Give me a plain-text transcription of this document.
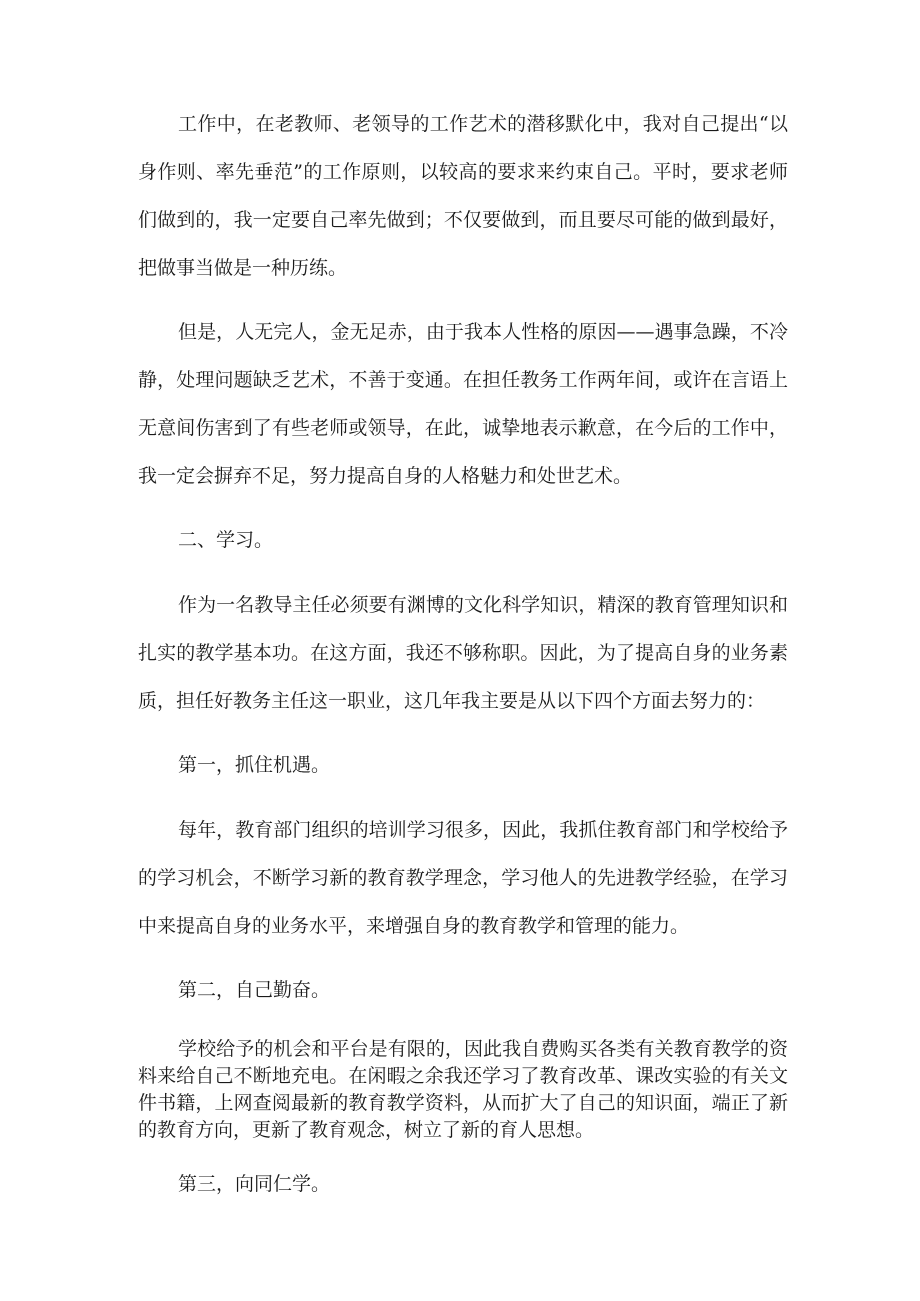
工作中，在老教师、老领导的工作艺术的潜移默化中，我对自己提出“以身作则、率先垂范”的工作原则，以较高的要求来约束自己。平时，要求老师们做到的，我一定要自己率先做到；不仅要做到，而且要尽可能的做到最好，把做事当做是一种历练。

但是，人无完人，金无足赤，由于我本人性格的原因——遇事急躁，不冷静，处理问题缺乏艺术，不善于变通。在担任教务工作两年间，或许在言语上无意间伤害到了有些老师或领导，在此，诚挚地表示歉意，在今后的工作中，我一定会摒弃不足，努力提高自身的人格魅力和处世艺术。

二、学习。

作为一名教导主任必须要有渊博的文化科学知识，精深的教育管理知识和扎实的教学基本功。在这方面，我还不够称职。因此，为了提高自身的业务素质，担任好教务主任这一职业，这几年我主要是从以下四个方面去努力的：

第一，抓住机遇。

每年，教育部门组织的培训学习很多，因此，我抓住教育部门和学校给予的学习机会，不断学习新的教育教学理念，学习他人的先进教学经验，在学习中来提高自身的业务水平，来增强自身的教育教学和管理的能力。

第二，自己勤奋。

学校给予的机会和平台是有限的，因此我自费购买各类有关教育教学的资料来给自己不断地充电。在闲暇之余我还学习了教育改革、课改实验的有关文件书籍，上网查阅最新的教育教学资料，从而扩大了自己的知识面，端正了新的教育方向，更新了教育观念，树立了新的育人思想。

第三，向同仁学。
